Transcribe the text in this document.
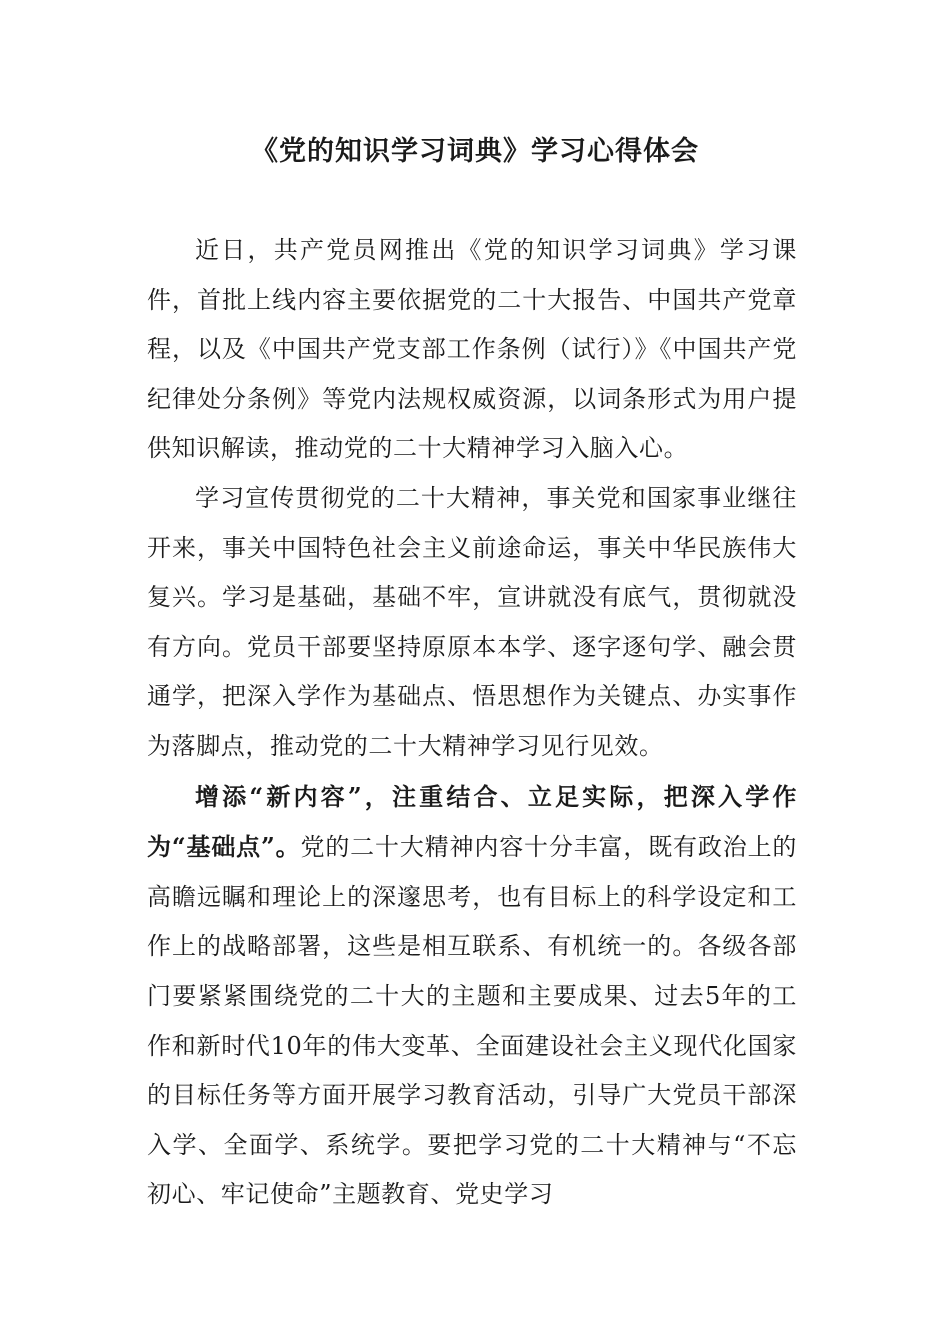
《党的知识学习词典》学习心得体会

近日，共产党员网推出《党的知识学习词典》学习课件，首批上线内容主要依据党的二十大报告、中国共产党章程，以及《中国共产党支部工作条例（试行）》《中国共产党纪律处分条例》等党内法规权威资源，以词条形式为用户提供知识解读，推动党的二十大精神学习入脑入心。

学习宣传贯彻党的二十大精神，事关党和国家事业继往开来，事关中国特色社会主义前途命运，事关中华民族伟大复兴。学习是基础，基础不牢，宣讲就没有底气，贯彻就没有方向。党员干部要坚持原原本本学、逐字逐句学、融会贯通学，把深入学作为基础点、悟思想作为关键点、办实事作为落脚点，推动党的二十大精神学习见行见效。

增添“新内容”，注重结合、立足实际，把深入学作为“基础点”。党的二十大精神内容十分丰富，既有政治上的高瞻远瞩和理论上的深邃思考，也有目标上的科学设定和工作上的战略部署，这些是相互联系、有机统一的。各级各部门要紧紧围绕党的二十大的主题和主要成果、过去5年的工作和新时代10年的伟大变革、全面建设社会主义现代化国家的目标任务等方面开展学习教育活动，引导广大党员干部深入学、全面学、系统学。要把学习党的二十大精神与“不忘初心、牢记使命”主题教育、党史学习
